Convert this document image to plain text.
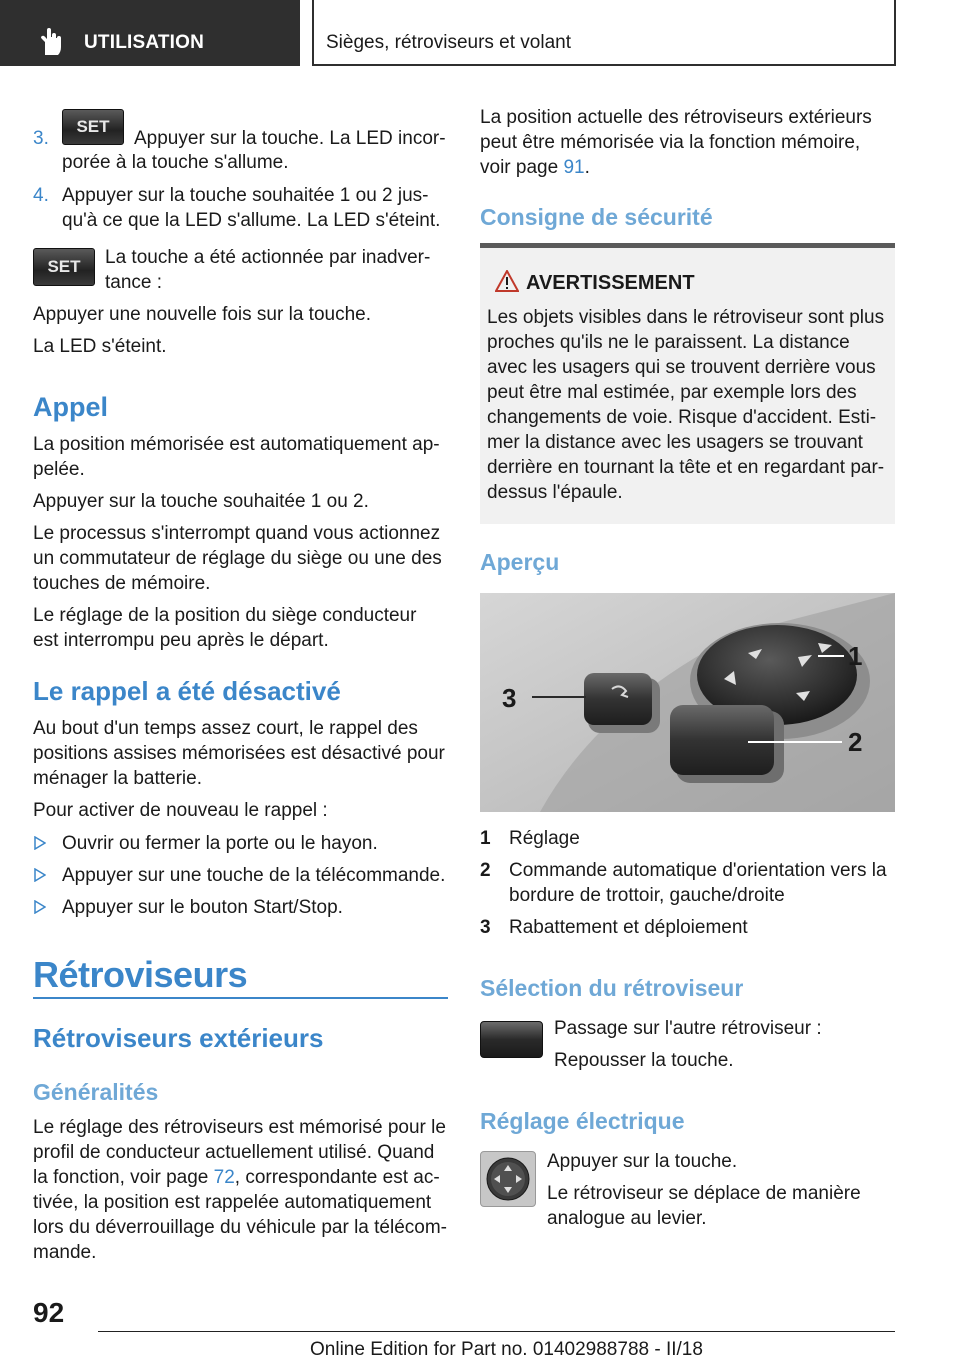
UTILISATION	Sièges, rétroviseurs et volant
3.
SET
Appuyer sur la touche. La LED incor-
porée à la touche s'allume.
4. Appuyer sur la touche souhaitée 1 ou 2 jus-
qu'à ce que la LED s'allume. La LED s'éteint.
SET	La touche a été actionnée par inadver-
tance :
Appuyer une nouvelle fois sur la touche.
La LED s'éteint.
Appel
La position mémorisée est automatiquement ap-
pelée.
Appuyer sur la touche souhaitée 1 ou 2.
Le processus s'interrompt quand vous actionnez
un commutateur de réglage du siège ou une des
touches de mémoire.
Le réglage de la position du siège conducteur
est interrompu peu après le départ.
Le rappel a été désactivé
Au bout d'un temps assez court, le rappel des
positions assises mémorisées est désactivé pour
ménager la batterie.
Pour activer de nouveau le rappel :
Ouvrir ou fermer la porte ou le hayon.
Appuyer sur une touche de la télécommande.
Appuyer sur le bouton Start/Stop.
Rétroviseurs
Rétroviseurs extérieurs
Généralités
Le réglage des rétroviseurs est mémorisé pour le
profil de conducteur actuellement utilisé. Quand
la fonction, voir page 72, correspondante est ac-
tivée, la position est rappelée automatiquement
lors du déverrouillage du véhicule par la télécom-
mande.
La position actuelle des rétroviseurs extérieurs
peut être mémorisée via la fonction mémoire,
voir page 91.
Consigne de sécurité
AVERTISSEMENT
Les objets visibles dans le rétroviseur sont plus
proches qu'ils ne le paraissent. La distance
avec les usagers qui se trouvent derrière vous
peut être mal estimée, par exemple lors des
changements de voie. Risque d'accident. Esti-
mer la distance avec les usagers se trouvant
derrière en tournant la tête et en regardant par-
dessus l'épaule.
Aperçu
1
2
3
1 Réglage
2 Commande automatique d'orientation vers la
bordure de trottoir, gauche/droite
3 Rabattement et déploiement
Sélection du rétroviseur
Passage sur l'autre rétroviseur :
Repousser la touche.
Réglage électrique
Appuyer sur la touche.
Le rétroviseur se déplace de manière
analogue au levier.
92
Online Edition for Part no. 01402988788 - II/18
